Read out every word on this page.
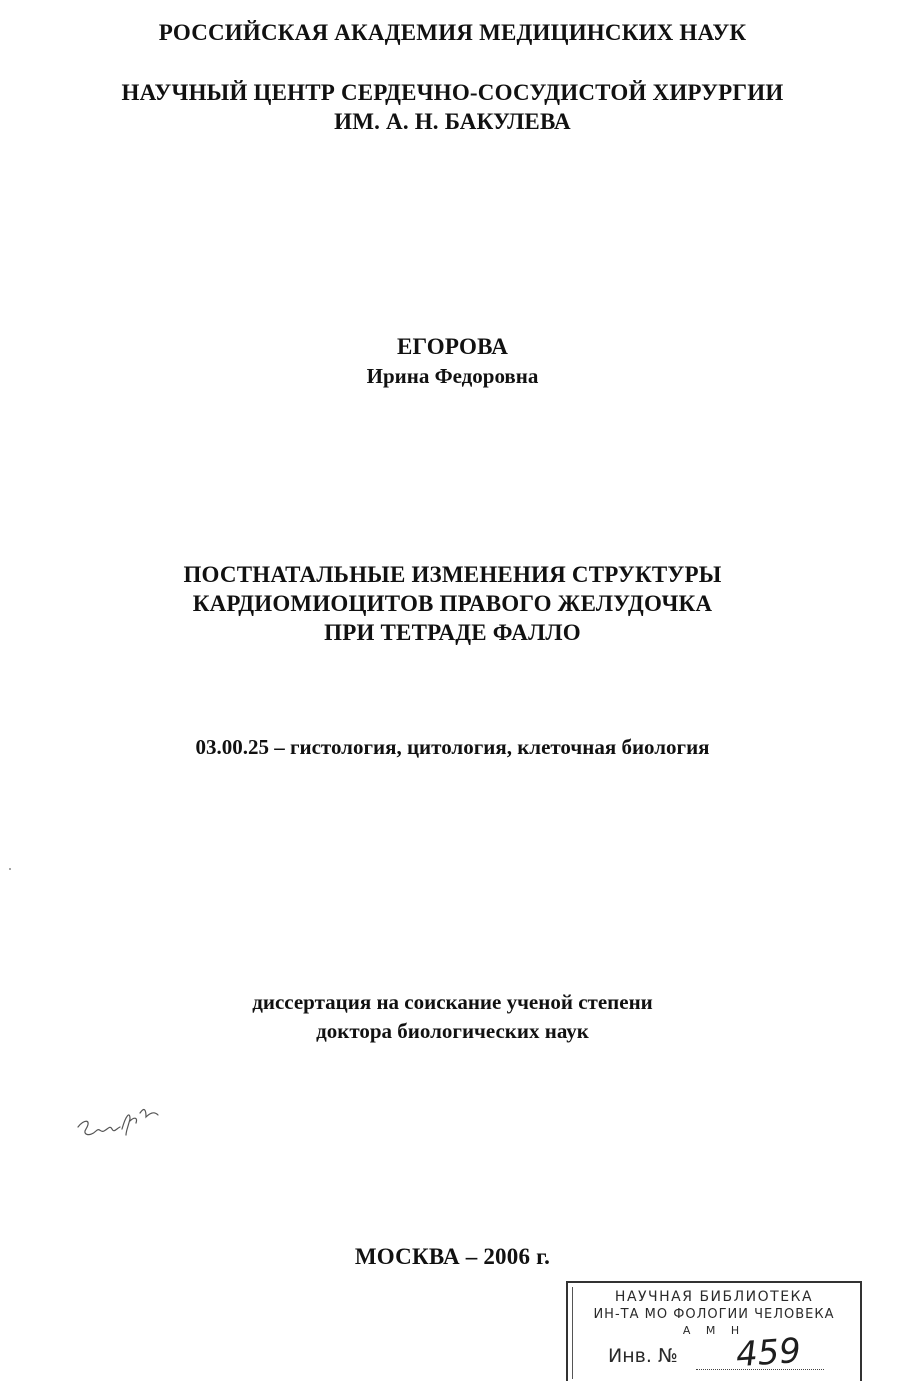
РОССИЙСКАЯ АКАДЕМИЯ МЕДИЦИНСКИХ НАУК
НАУЧНЫЙ ЦЕНТР СЕРДЕЧНО-СОСУДИСТОЙ ХИРУРГИИ
ИМ. А. Н. БАКУЛЕВА
ЕГОРОВА
Ирина Федоровна
ПОСТНАТАЛЬНЫЕ ИЗМЕНЕНИЯ СТРУКТУРЫ
КАРДИОМИОЦИТОВ ПРАВОГО ЖЕЛУДОЧКА
ПРИ ТЕТРАДЕ ФАЛЛО
03.00.25 – гистология, цитология, клеточная биология
диссертация на соискание ученой степени
доктора биологических наук
МОСКВА – 2006 г.
НАУЧНАЯ БИБЛИОТЕКА
ИН-ТА МО ФОЛОГИИ ЧЕЛОВЕКА
А М Н
Инв. № 459
